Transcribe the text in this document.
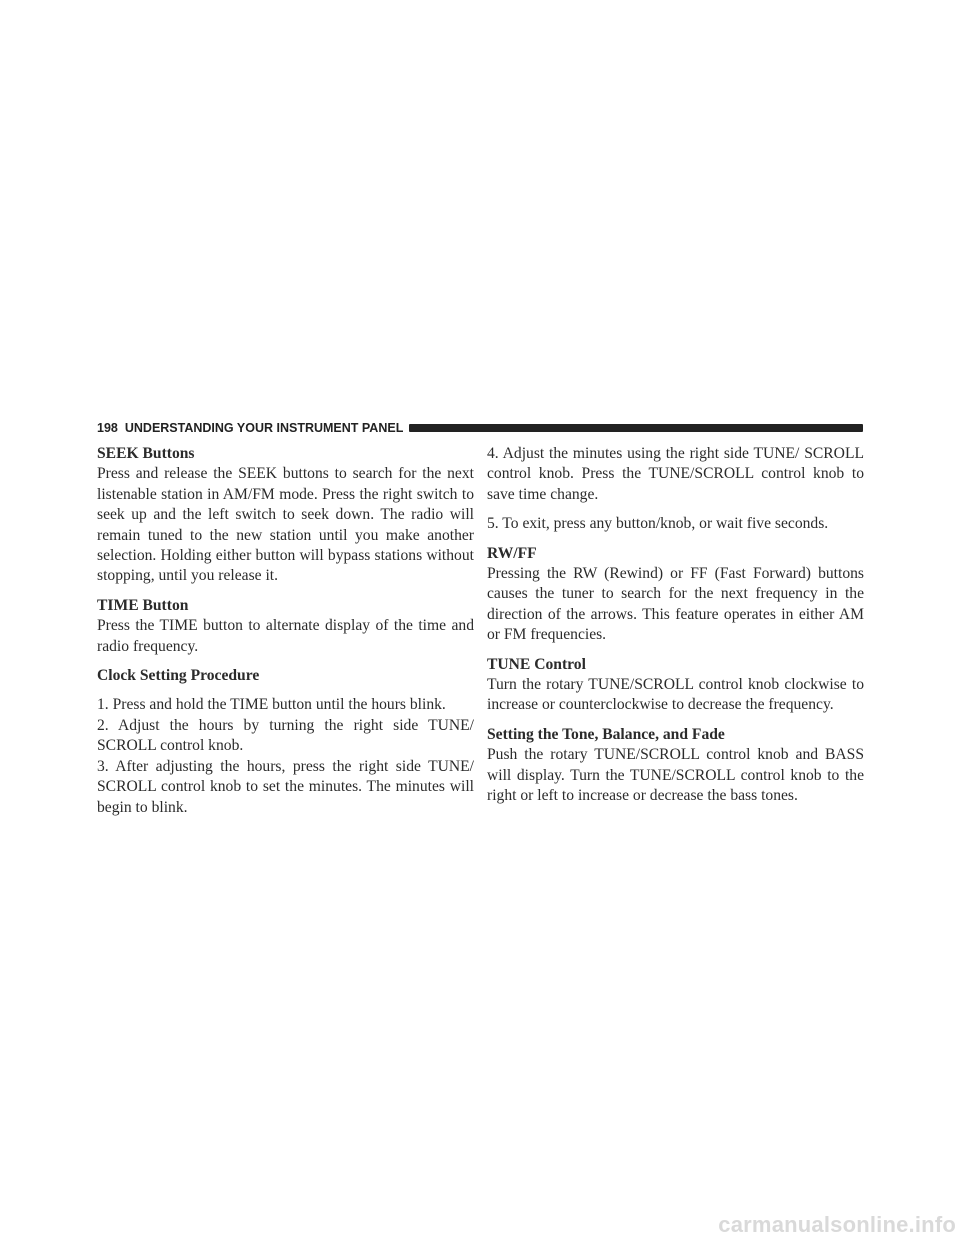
198 UNDERSTANDING YOUR INSTRUMENT PANEL
SEEK Buttons

Press and release the SEEK buttons to search for the next listenable station in AM/FM mode. Press the right switch to seek up and the left switch to seek down. The radio will remain tuned to the new station until you make another selection. Holding either button will bypass stations without stopping, until you release it.

TIME Button

Press the TIME button to alternate display of the time and radio frequency.

Clock Setting Procedure

1. Press and hold the TIME button until the hours blink.

2. Adjust the hours by turning the right side TUNE/ SCROLL control knob.

3. After adjusting the hours, press the right side TUNE/ SCROLL control knob to set the minutes. The minutes will begin to blink.

4. Adjust the minutes using the right side TUNE/ SCROLL control knob. Press the TUNE/SCROLL control knob to save time change.

5. To exit, press any button/knob, or wait five seconds.

RW/FF

Pressing the RW (Rewind) or FF (Fast Forward) buttons causes the tuner to search for the next frequency in the direction of the arrows. This feature operates in either AM or FM frequencies.

TUNE Control

Turn the rotary TUNE/SCROLL control knob clockwise to increase or counterclockwise to decrease the frequency.

Setting the Tone, Balance, and Fade

Push the rotary TUNE/SCROLL control knob and BASS will display. Turn the TUNE/SCROLL control knob to the right or left to increase or decrease the bass tones.

carmanualsonline.info
